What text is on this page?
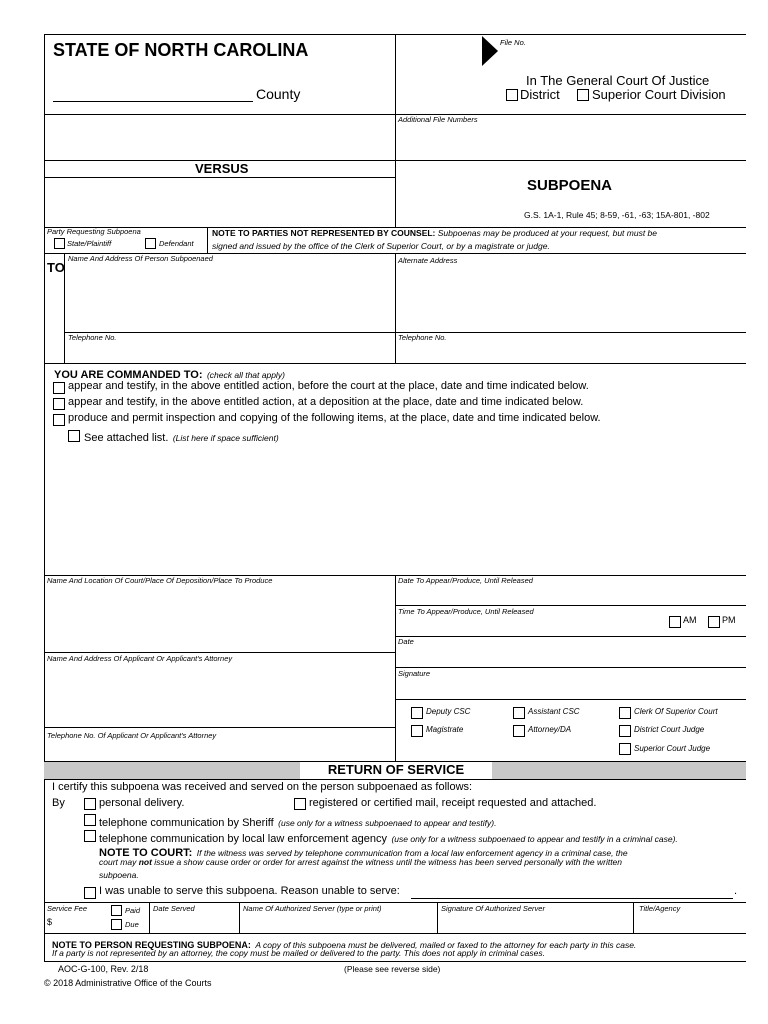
STATE OF NORTH CAROLINA
County
File No.
In The General Court Of Justice
District Superior Court Division
Additional File Numbers
VERSUS
SUBPOENA
G.S. 1A-1, Rule 45; 8-59, -61, -63; 15A-801, -802
Party Requesting Subpoena
State/Plaintiff	Defendant
NOTE TO PARTIES NOT REPRESENTED BY COUNSEL: Subpoenas may be produced at your request, but must be
signed and issued by the office of the Clerk of Superior Court, or by a magistrate or judge.
TO
Name And Address Of Person Subpoenaed	Alternate Address
Telephone No.	Telephone No.
YOU ARE COMMANDED TO: (check all that apply)
appear and testify, in the above entitled action, before the court at the place, date and time indicated below.
appear and testify, in the above entitled action, at a deposition at the place, date and time indicated below.
produce and permit inspection and copying of the following items, at the place, date and time indicated below.
See attached list. (List here if space sufficient)
Name And Location Of Court/Place Of Deposition/Place To Produce	Date To Appear/Produce, Until Released
Time To Appear/Produce, Until Released
AM	PM
Date
Name And Address Of Applicant Or Applicant's Attorney
Signature
Telephone No. Of Applicant Or Applicant's Attorney
Deputy CSC	Assistant CSC	Clerk Of Superior Court
Magistrate	Attorney/DA	District Court Judge
Superior Court Judge
RETURN OF SERVICE
I certify this subpoena was received and served on the person subpoenaed as follows:
By	personal delivery.	registered or certified mail, receipt requested and attached.
telephone communication by Sheriff (use only for a witness subpoenaed to appear and testify).
telephone communication by local law enforcement agency (use only for a witness subpoenaed to appear and testify in a criminal case).
NOTE TO COURT: If the witness was served by telephone communication from a local law enforcement agency in a criminal case, the
court may not issue a show cause order or order for arrest against the witness until the witness has been served personally with the written
subpoena.
I was unable to serve this subpoena. Reason unable to serve:	.
Service Fee
$
Paid
Due
Date Served	Name Of Authorized Server (type or print)	Signature Of Authorized Server	Title/Agency
NOTE TO PERSON REQUESTING SUBPOENA: A copy of this subpoena must be delivered, mailed or faxed to the attorney for each party in this case.
If a party is not represented by an attorney, the copy must be mailed or delivered to the party. This does not apply in criminal cases.
AOC-G-100, Rev. 2/18	(Please see reverse side)
© 2018 Administrative Office of the Courts
